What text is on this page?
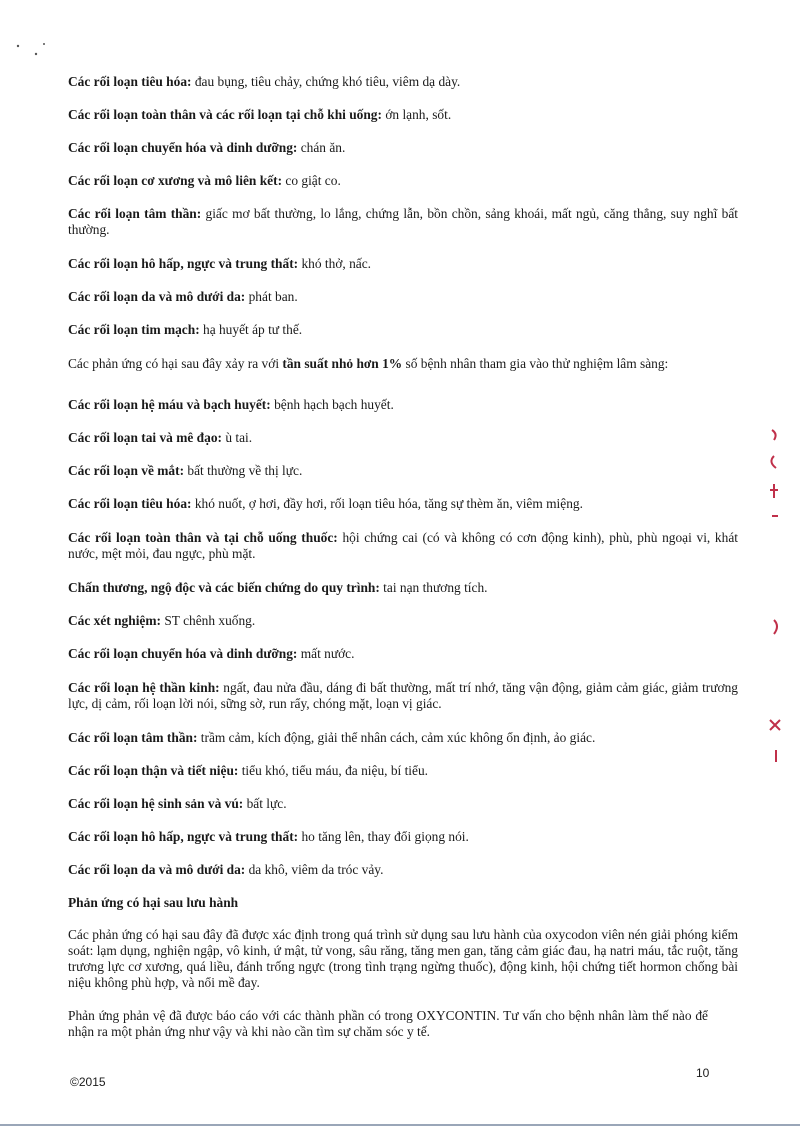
Các rối loạn tiêu hóa: đau bụng, tiêu chảy, chứng khó tiêu, viêm dạ dày.

Các rối loạn toàn thân và các rối loạn tại chỗ khi uống: ớn lạnh, sốt.

Các rối loạn chuyển hóa và dinh dưỡng: chán ăn.

Các rối loạn cơ xương và mô liên kết: co giật co.

Các rối loạn tâm thần: giấc mơ bất thường, lo lắng, chứng lẫn, bồn chồn, sảng khoái, mất ngủ, căng thẳng, suy nghĩ bất thường.

Các rối loạn hô hấp, ngực và trung thất: khó thở, nấc.

Các rối loạn da và mô dưới da: phát ban.

Các rối loạn tim mạch: hạ huyết áp tư thế.

Các phản ứng có hại sau đây xảy ra với tần suất nhỏ hơn 1% số bệnh nhân tham gia vào thử nghiệm lâm sàng:

Các rối loạn hệ máu và bạch huyết: bệnh hạch bạch huyết.

Các rối loạn tai và mê đạo: ù tai.

Các rối loạn về mắt: bất thường về thị lực.

Các rối loạn tiêu hóa: khó nuốt, ợ hơi, đầy hơi, rối loạn tiêu hóa, tăng sự thèm ăn, viêm miệng.

Các rối loạn toàn thân và tại chỗ uống thuốc: hội chứng cai (có và không có cơn động kinh), phù, phù ngoại vi, khát nước, mệt mỏi, đau ngực, phù mặt.

Chấn thương, ngộ độc và các biến chứng do quy trình: tai nạn thương tích.

Các xét nghiệm: ST chênh xuống.

Các rối loạn chuyển hóa và dinh dưỡng: mất nước.

Các rối loạn hệ thần kinh: ngất, đau nửa đầu, dáng đi bất thường, mất trí nhớ, tăng vận động, giảm cảm giác, giảm trương lực, dị cảm, rối loạn lời nói, sững sờ, run rẩy, chóng mặt, loạn vị giác.

Các rối loạn tâm thần: trầm cảm, kích động, giải thể nhân cách, cảm xúc không ổn định, ảo giác.

Các rối loạn thận và tiết niệu: tiểu khó, tiểu máu, đa niệu, bí tiểu.

Các rối loạn hệ sinh sản và vú: bất lực.

Các rối loạn hô hấp, ngực và trung thất: ho tăng lên, thay đổi giọng nói.

Các rối loạn da và mô dưới da: da khô, viêm da tróc vảy.

Phản ứng có hại sau lưu hành

Các phản ứng có hại sau đây đã được xác định trong quá trình sử dụng sau lưu hành của oxycodon viên nén giải phóng kiểm soát: lạm dụng, nghiện ngập, vô kinh, ứ mật, tử vong, sâu răng, tăng men gan, tăng cảm giác đau, hạ natri máu, tắc ruột, tăng trương lực cơ xương, quá liều, đánh trống ngực (trong tình trạng ngừng thuốc), động kinh, hội chứng tiết hormon chống bài niệu không phù hợp, và nổi mề đay.

Phản ứng phản vệ đã được báo cáo với các thành phần có trong OXYCONTIN. Tư vấn cho bệnh nhân làm thế nào để nhận ra một phản ứng như vậy và khi nào cần tìm sự chăm sóc y tế.

©2015
10
